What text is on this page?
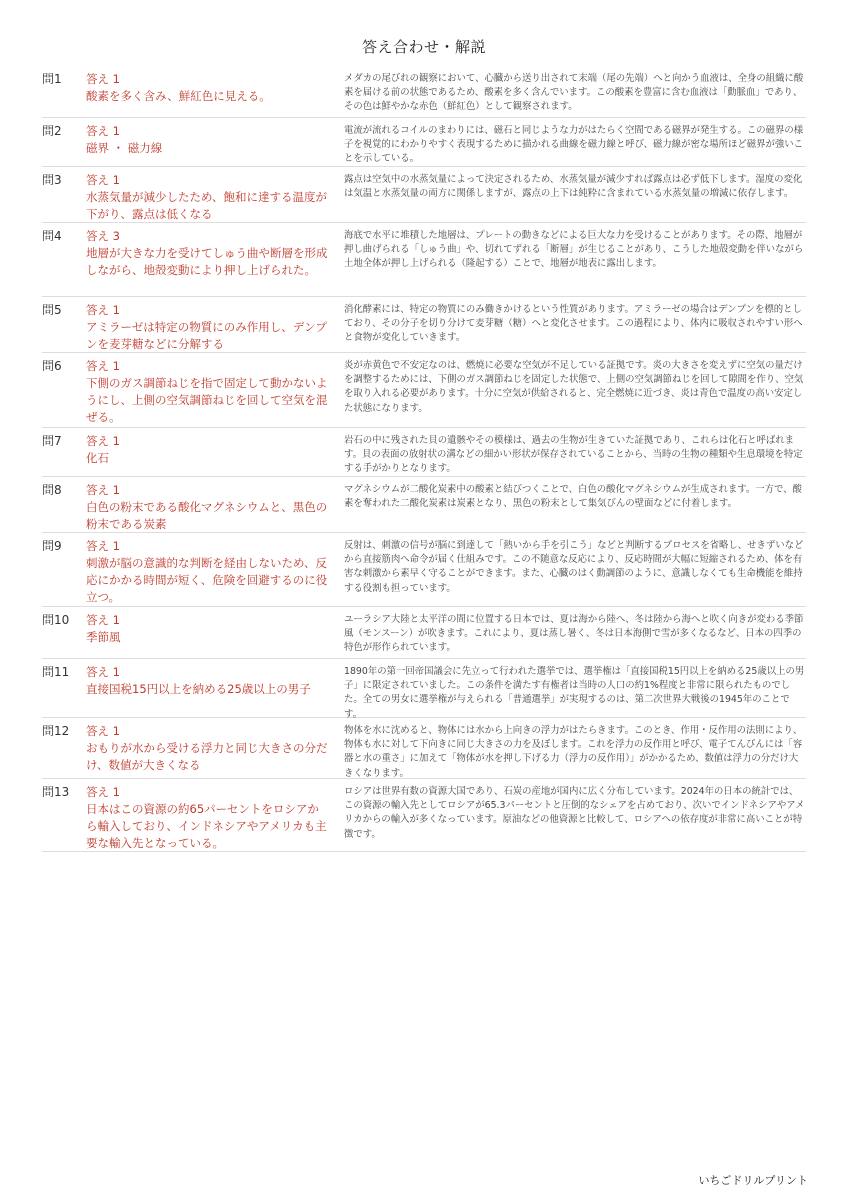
答え合わせ・解説
問1	答え 1
酸素を多く含み、鮮紅色に見える。
メダカの尾びれの観察において、心臓から送り出されて末端（尾の先端）へと向かう血液は、全身の組織に酸素を届ける前の状態であるため、酸素を多く含んでいます。この酸素を豊富に含む血液は「動脈血」であり、その色は鮮やかな赤色（鮮紅色）として観察されます。
問2	答え 1
磁界 ・ 磁力線
電流が流れるコイルのまわりには、磁石と同じような力がはたらく空間である磁界が発生する。この磁界の様子を視覚的にわかりやすく表現するために描かれる曲線を磁力線と呼び、磁力線が密な場所ほど磁界が強いことを示している。
問3	答え 1
水蒸気量が減少したため、飽和に達する温度が下がり、露点は低くなる
露点は空気中の水蒸気量によって決定されるため、水蒸気量が減少すれば露点は必ず低下します。湿度の変化は気温と水蒸気量の両方に関係しますが、露点の上下は純粋に含まれている水蒸気量の増減に依存します。
問4	答え 3
地層が大きな力を受けてしゅう曲や断層を形成しながら、地殻変動により押し上げられた。
海底で水平に堆積した地層は、プレートの動きなどによる巨大な力を受けることがあります。その際、地層が押し曲げられる「しゅう曲」や、切れてずれる「断層」が生じることがあり、こうした地殻変動を伴いながら土地全体が押し上げられる（隆起する）ことで、地層が地表に露出します。
問5	答え 1
アミラーゼは特定の物質にのみ作用し、デンプンを麦芽糖などに分解する
消化酵素には、特定の物質にのみ働きかけるという性質があります。アミラーゼの場合はデンプンを標的としており、その分子を切り分けて麦芽糖（糖）へと変化させます。この過程により、体内に吸収されやすい形へと食物が変化していきます。
問6	答え 1
下側のガス調節ねじを指で固定して動かないようにし、上側の空気調節ねじを回して空気を混ぜる。
炎が赤黄色で不安定なのは、燃焼に必要な空気が不足している証拠です。炎の大きさを変えずに空気の量だけを調整するためには、下側のガス調節ねじを固定した状態で、上側の空気調節ねじを回して隙間を作り、空気を取り入れる必要があります。十分に空気が供給されると、完全燃焼に近づき、炎は青色で温度の高い安定した状態になります。
問7	答え 1
化石
岩石の中に残された貝の遺骸やその模様は、過去の生物が生きていた証拠であり、これらは化石と呼ばれます。貝の表面の放射状の溝などの細かい形状が保存されていることから、当時の生物の種類や生息環境を特定する手がかりとなります。
問8	答え 1
白色の粉末である酸化マグネシウムと、黒色の粉末である炭素
マグネシウムが二酸化炭素中の酸素と結びつくことで、白色の酸化マグネシウムが生成されます。一方で、酸素を奪われた二酸化炭素は炭素となり、黒色の粉末として集気びんの壁面などに付着します。
問9	答え 1
刺激が脳の意識的な判断を経由しないため、反応にかかる時間が短く、危険を回避するのに役立つ。
反射は、刺激の信号が脳に到達して「熱いから手を引こう」などと判断するプロセスを省略し、せきずいなどから直接筋肉へ命令が届く仕組みです。この不随意な反応により、反応時間が大幅に短縮されるため、体を有害な刺激から素早く守ることができます。また、心臓のはく動調節のように、意識しなくても生命機能を維持する役割も担っています。
問10	答え 1
季節風
ユーラシア大陸と太平洋の間に位置する日本では、夏は海から陸へ、冬は陸から海へと吹く向きが変わる季節風（モンスーン）が吹きます。これにより、夏は蒸し暑く、冬は日本海側で雪が多くなるなど、日本の四季の特色が形作られています。
問11	答え 1
直接国税15円以上を納める25歳以上の男子
1890年の第一回帝国議会に先立って行われた選挙では、選挙権は「直接国税15円以上を納める25歳以上の男子」に限定されていました。この条件を満たす有権者は当時の人口の約1%程度と非常に限られたものでした。全ての男女に選挙権が与えられる「普通選挙」が実現するのは、第二次世界大戦後の1945年のことです。
問12	答え 1
おもりが水から受ける浮力と同じ大きさの分だけ、数値が大きくなる
物体を水に沈めると、物体には水から上向きの浮力がはたらきます。このとき、作用・反作用の法則により、物体も水に対して下向きに同じ大きさの力を及ぼします。これを浮力の反作用と呼び、電子てんびんには「容器と水の重さ」に加えて「物体が水を押し下げる力（浮力の反作用）」がかかるため、数値は浮力の分だけ大きくなります。
問13	答え 1
日本はこの資源の約65パーセントをロシアから輸入しており、インドネシアやアメリカも主要な輸入先となっている。
ロシアは世界有数の資源大国であり、石炭の産地が国内に広く分布しています。2024年の日本の統計では、この資源の輸入先としてロシアが65.3パーセントと圧倒的なシェアを占めており、次いでインドネシアやアメリカからの輸入が多くなっています。原油などの他資源と比較して、ロシアへの依存度が非常に高いことが特徴です。
いちごドリルプリント
